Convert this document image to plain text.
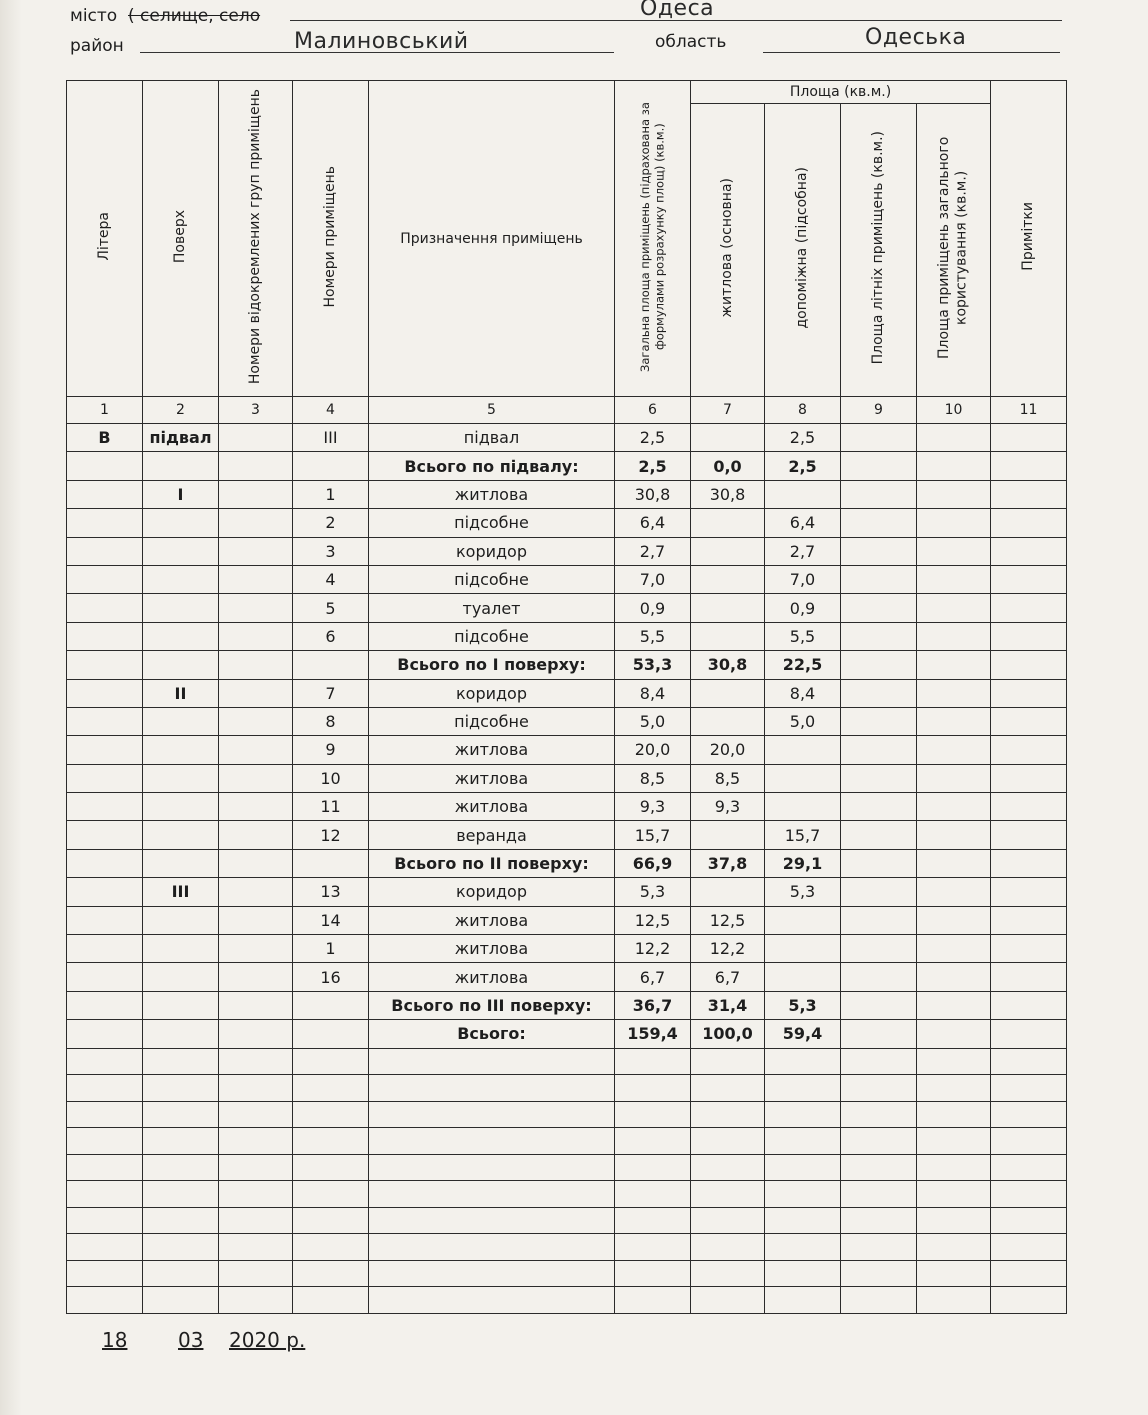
місто ( селище, село	Одеса
район	Малиновський	область	Одеська
Літера	Поверх	Номери відокремлених груп приміщень	Номери приміщень	Призначення приміщень	Загальна площа приміщень (підрахована за формулами розрахунку площ) (кв.м.)	Площа (кв.м.)				Примітки
						житлова (основна)	допоміжна (підсобна)	Площа літніх приміщень (кв.м.)	Площа приміщень загального користування (кв.м.)	
1	2	3	4	5	6	7	8	9	10	11
В	підвал		III	підвал	2,5		2,5			
				Всього по підвалу:	2,5	0,0	2,5			
	I		1	житлова	30,8	30,8				
			2	підсобне	6,4		6,4			
			3	коридор	2,7		2,7			
			4	підсобне	7,0		7,0			
			5	туалет	0,9		0,9			
			6	підсобне	5,5		5,5			
				Всього по I поверху:	53,3	30,8	22,5			
	II		7	коридор	8,4		8,4			
			8	підсобне	5,0		5,0			
			9	житлова	20,0	20,0				
			10	житлова	8,5	8,5				
			11	житлова	9,3	9,3				
			12	веранда	15,7		15,7			
				Всього по II поверху:	66,9	37,8	29,1			
	III		13	коридор	5,3		5,3			
			14	житлова	12,5	12,5				
			1	житлова	12,2	12,2				
			16	житлова	6,7	6,7				
				Всього по III поверху:	36,7	31,4	5,3			
				Всього:	159,4	100,0	59,4			

18	03 2020 р.
